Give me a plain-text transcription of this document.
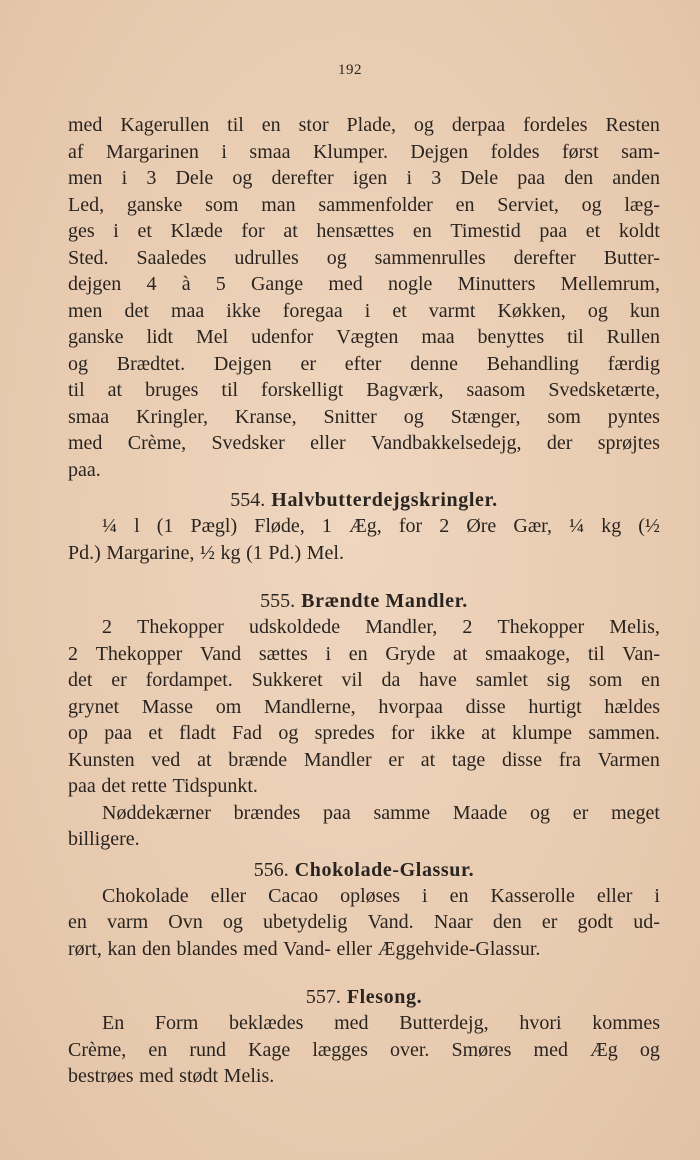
192
med Kagerullen til en stor Plade, og derpaa fordeles Resten
af Margarinen i smaa Klumper. Dejgen foldes først sam-
men i 3 Dele og derefter igen i 3 Dele paa den anden
Led, ganske som man sammenfolder en Serviet, og læg-
ges i et Klæde for at hensættes en Timestid paa et koldt
Sted. Saaledes udrulles og sammenrulles derefter Butter-
dejgen 4 à 5 Gange med nogle Minutters Mellemrum,
men det maa ikke foregaa i et varmt Køkken, og kun
ganske lidt Mel udenfor Vægten maa benyttes til Rullen
og Brædtet. Dejgen er efter denne Behandling færdig
til at bruges til forskelligt Bagværk, saasom Svedsketærte,
smaa Kringler, Kranse, Snitter og Stænger, som pyntes
med Crème, Svedsker eller Vandbakkelsedejg, der sprøjtes
paa.
554. Halvbutterdejgskringler.
¼ l (1 Pægl) Fløde, 1 Æg, for 2 Øre Gær, ¼ kg (½
Pd.) Margarine, ½ kg (1 Pd.) Mel.
555. Brændte Mandler.
2 Thekopper udskoldede Mandler, 2 Thekopper Melis,
2 Thekopper Vand sættes i en Gryde at smaakoge, til Van-
det er fordampet. Sukkeret vil da have samlet sig som en
grynet Masse om Mandlerne, hvorpaa disse hurtigt hældes
op paa et fladt Fad og spredes for ikke at klumpe sammen.
Kunsten ved at brænde Mandler er at tage disse fra Varmen
paa det rette Tidspunkt.
Nøddekærner brændes paa samme Maade og er meget
billigere.
556. Chokolade-Glassur.
Chokolade eller Cacao opløses i en Kasserolle eller i
en varm Ovn og ubetydelig Vand. Naar den er godt ud-
rørt, kan den blandes med Vand- eller Æggehvide-Glassur.
557. Flesong.
En Form beklædes med Butterdejg, hvori kommes
Crème, en rund Kage lægges over. Smøres med Æg og
bestrøes med stødt Melis.
